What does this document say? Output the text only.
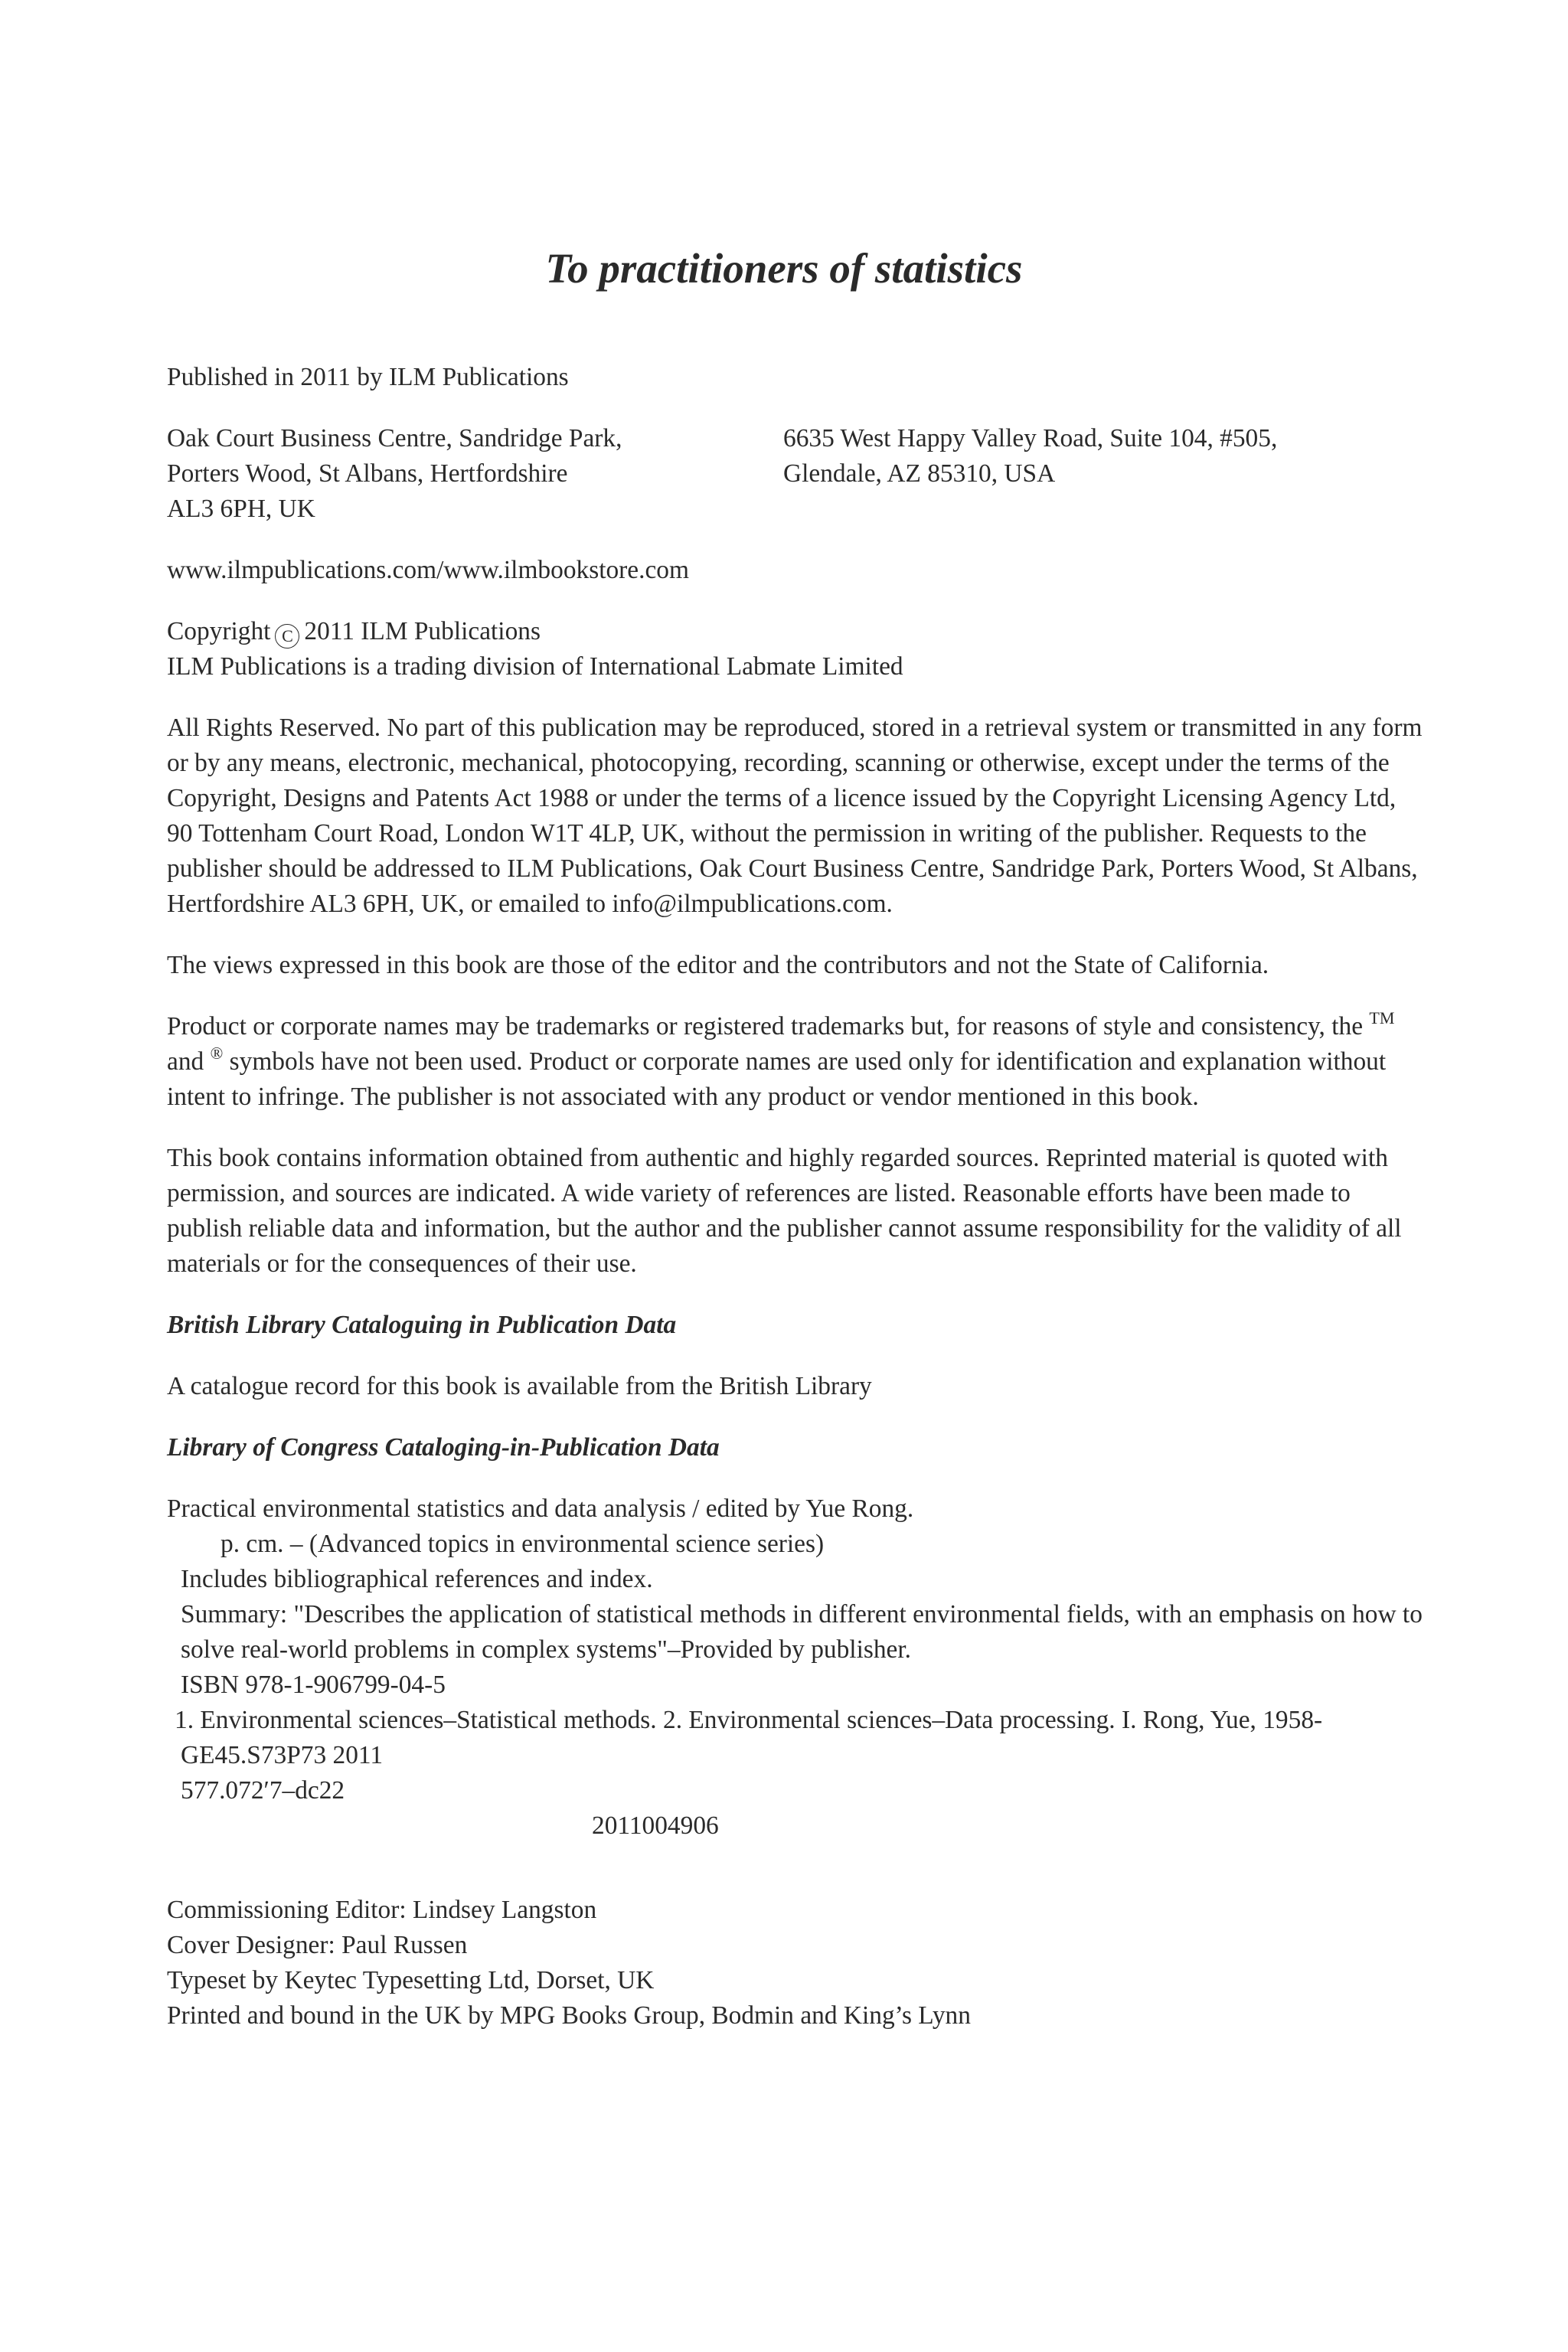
To practitioners of statistics

Published in 2011 by ILM Publications

Oak Court Business Centre, Sandridge Park,
Porters Wood, St Albans, Hertfordshire
AL3 6PH, UK
6635 West Happy Valley Road, Suite 104, #505,
Glendale, AZ 85310, USA

www.ilmpublications.com/www.ilmbookstore.com

Copyright C 2011 ILM Publications
ILM Publications is a trading division of International Labmate Limited

All Rights Reserved. No part of this publication may be reproduced, stored in a retrieval system or transmitted in any form or by any means, electronic, mechanical, photocopying, recording, scanning or otherwise, except under the terms of the Copyright, Designs and Patents Act 1988 or under the terms of a licence issued by the Copyright Licensing Agency Ltd, 90 Tottenham Court Road, London W1T 4LP, UK, without the permission in writing of the publisher. Requests to the publisher should be addressed to ILM Publications, Oak Court Business Centre, Sandridge Park, Porters Wood, St Albans, Hertfordshire AL3 6PH, UK, or emailed to info@ilmpublications.com.

The views expressed in this book are those of the editor and the contributors and not the State of California.

Product or corporate names may be trademarks or registered trademarks but, for reasons of style and consistency, the ™ and ® symbols have not been used. Product or corporate names are used only for identification and explanation without intent to infringe. The publisher is not associated with any product or vendor mentioned in this book.

This book contains information obtained from authentic and highly regarded sources. Reprinted material is quoted with permission, and sources are indicated. A wide variety of references are listed. Reasonable efforts have been made to publish reliable data and information, but the author and the publisher cannot assume responsibility for the validity of all materials or for the consequences of their use.

British Library Cataloguing in Publication Data

A catalogue record for this book is available from the British Library

Library of Congress Cataloging-in-Publication Data

Practical environmental statistics and data analysis / edited by Yue Rong.
p. cm. – (Advanced topics in environmental science series)
Includes bibliographical references and index.
Summary: "Describes the application of statistical methods in different environmental fields, with an emphasis on how to solve real-world problems in complex systems"–Provided by publisher.
ISBN 978-1-906799-04-5
1. Environmental sciences–Statistical methods. 2. Environmental sciences–Data processing. I. Rong, Yue, 1958-
GE45.S73P73 2011
577.072′7–dc22
2011004906
Commissioning Editor: Lindsey Langston
Cover Designer: Paul Russen
Typeset by Keytec Typesetting Ltd, Dorset, UK
Printed and bound in the UK by MPG Books Group, Bodmin and King’s Lynn
